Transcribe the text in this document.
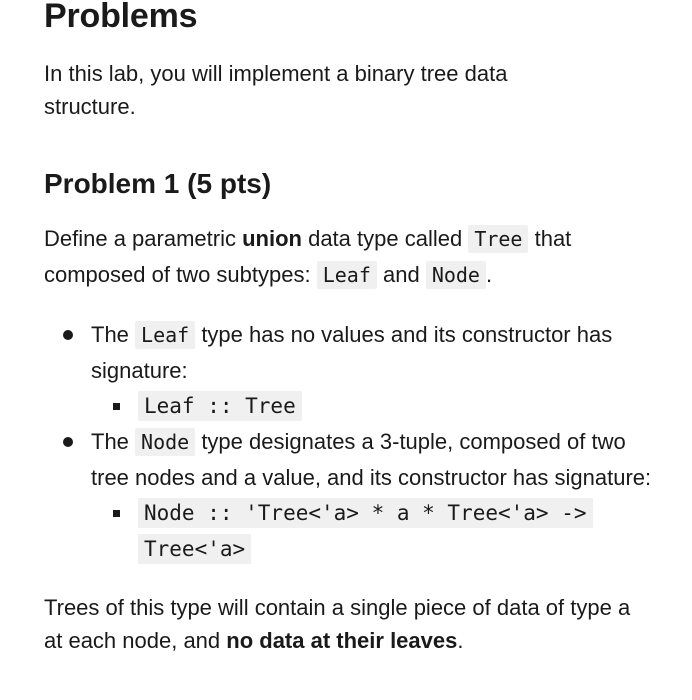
Problems

In this lab, you will implement a binary tree data structure.

Problem 1 (5 pts)

Define a parametric union data type called Tree that composed of two subtypes: Leaf and Node .

The Leaf type has no values and its constructor has signature:
Leaf :: Tree
The Node type designates a 3-tuple, composed of two tree nodes and a value, and its constructor has signature:
Node :: 'Tree<'a> * a * Tree<'a> -> Tree<'a>

Trees of this type will contain a single piece of data of type a at each node, and no data at their leaves.
